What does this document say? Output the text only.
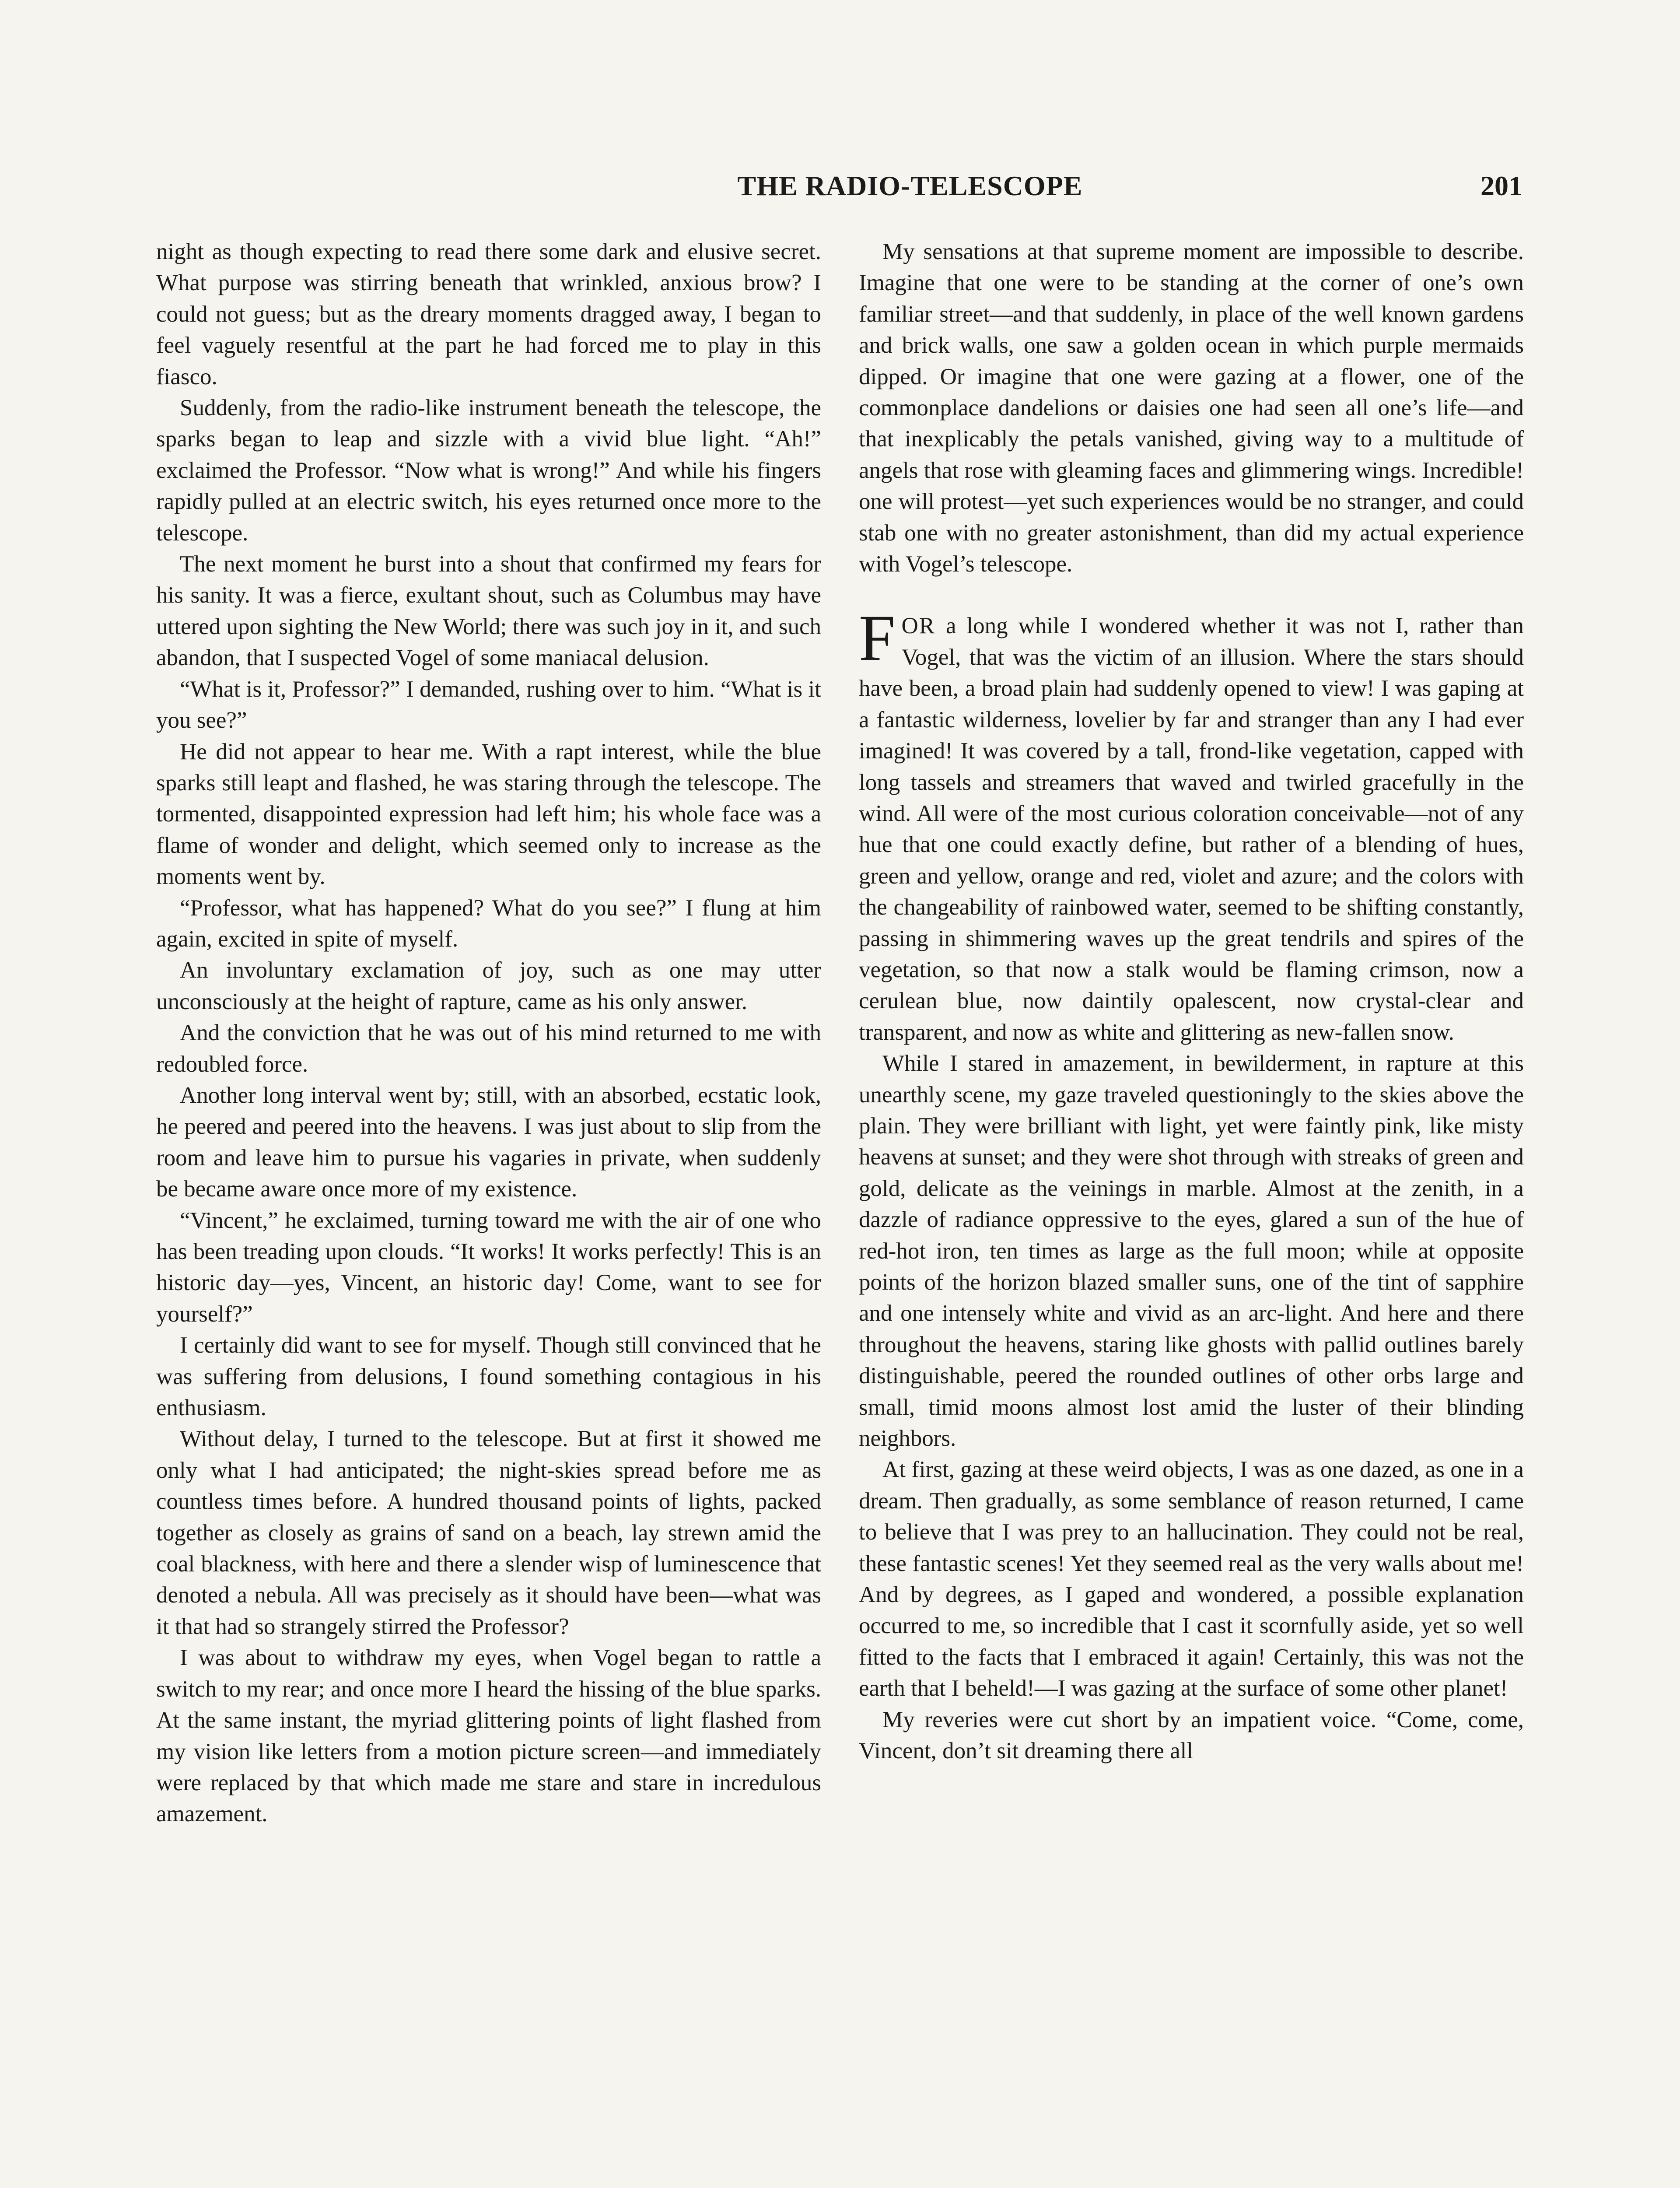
THE RADIO-TELESCOPE	201

night as though expecting to read there some dark and elusive secret. What purpose was stirring beneath that wrinkled, anxious brow? I could not guess; but as the dreary moments dragged away, I began to feel vaguely resentful at the part he had forced me to play in this fiasco.

Suddenly, from the radio-like instrument beneath the telescope, the sparks began to leap and sizzle with a vivid blue light. “Ah!” exclaimed the Professor. “Now what is wrong!” And while his fingers rapidly pulled at an electric switch, his eyes returned once more to the telescope.

The next moment he burst into a shout that confirmed my fears for his sanity. It was a fierce, exultant shout, such as Columbus may have uttered upon sighting the New World; there was such joy in it, and such abandon, that I suspected Vogel of some maniacal delusion.

“What is it, Professor?” I demanded, rushing over to him. “What is it you see?”

He did not appear to hear me. With a rapt interest, while the blue sparks still leapt and flashed, he was staring through the telescope. The tormented, disappointed expression had left him; his whole face was a flame of wonder and delight, which seemed only to increase as the moments went by.

“Professor, what has happened? What do you see?” I flung at him again, excited in spite of myself.

An involuntary exclamation of joy, such as one may utter unconsciously at the height of rapture, came as his only answer.

And the conviction that he was out of his mind returned to me with redoubled force.

Another long interval went by; still, with an absorbed, ecstatic look, he peered and peered into the heavens. I was just about to slip from the room and leave him to pursue his vagaries in private, when suddenly be became aware once more of my existence.

“Vincent,” he exclaimed, turning toward me with the air of one who has been treading upon clouds. “It works! It works perfectly! This is an historic day—yes, Vincent, an historic day! Come, want to see for yourself?”

I certainly did want to see for myself. Though still convinced that he was suffering from delusions, I found something contagious in his enthusiasm.

Without delay, I turned to the telescope. But at first it showed me only what I had anticipated; the night-skies spread before me as countless times before. A hundred thousand points of lights, packed together as closely as grains of sand on a beach, lay strewn amid the coal blackness, with here and there a slender wisp of luminescence that denoted a nebula. All was precisely as it should have been—what was it that had so strangely stirred the Professor?

I was about to withdraw my eyes, when Vogel began to rattle a switch to my rear; and once more I heard the hissing of the blue sparks. At the same instant, the myriad glittering points of light flashed from my vision like letters from a motion picture screen—and immediately were replaced by that which made me stare and stare in incredulous amazement.

My sensations at that supreme moment are impossible to describe. Imagine that one were to be standing at the corner of one’s own familiar street—and that suddenly, in place of the well known gardens and brick walls, one saw a golden ocean in which purple mermaids dipped. Or imagine that one were gazing at a flower, one of the commonplace dandelions or daisies one had seen all one’s life—and that inexplicably the petals vanished, giving way to a multitude of angels that rose with gleaming faces and glimmering wings. Incredible! one will protest—yet such experiences would be no stranger, and could stab one with no greater astonishment, than did my actual experience with Vogel’s telescope.

FOR a long while I wondered whether it was not I, rather than Vogel, that was the victim of an illusion. Where the stars should have been, a broad plain had suddenly opened to view! I was gaping at a fantastic wilderness, lovelier by far and stranger than any I had ever imagined! It was covered by a tall, frond-like vegetation, capped with long tassels and streamers that waved and twirled gracefully in the wind. All were of the most curious coloration conceivable—not of any hue that one could exactly define, but rather of a blending of hues, green and yellow, orange and red, violet and azure; and the colors with the changeability of rainbowed water, seemed to be shifting constantly, passing in shimmering waves up the great tendrils and spires of the vegetation, so that now a stalk would be flaming crimson, now a cerulean blue, now daintily opalescent, now crystal-clear and transparent, and now as white and glittering as new-fallen snow.

While I stared in amazement, in bewilderment, in rapture at this unearthly scene, my gaze traveled questioningly to the skies above the plain. They were brilliant with light, yet were faintly pink, like misty heavens at sunset; and they were shot through with streaks of green and gold, delicate as the veinings in marble. Almost at the zenith, in a dazzle of radiance oppressive to the eyes, glared a sun of the hue of red-hot iron, ten times as large as the full moon; while at opposite points of the horizon blazed smaller suns, one of the tint of sapphire and one intensely white and vivid as an arc-light. And here and there throughout the heavens, staring like ghosts with pallid outlines barely distinguishable, peered the rounded outlines of other orbs large and small, timid moons almost lost amid the luster of their blinding neighbors.

At first, gazing at these weird objects, I was as one dazed, as one in a dream. Then gradually, as some semblance of reason returned, I came to believe that I was prey to an hallucination. They could not be real, these fantastic scenes! Yet they seemed real as the very walls about me! And by degrees, as I gaped and wondered, a possible explanation occurred to me, so incredible that I cast it scornfully aside, yet so well fitted to the facts that I embraced it again! Certainly, this was not the earth that I beheld!—I was gazing at the surface of some other planet!

My reveries were cut short by an impatient voice. “Come, come, Vincent, don’t sit dreaming there all
